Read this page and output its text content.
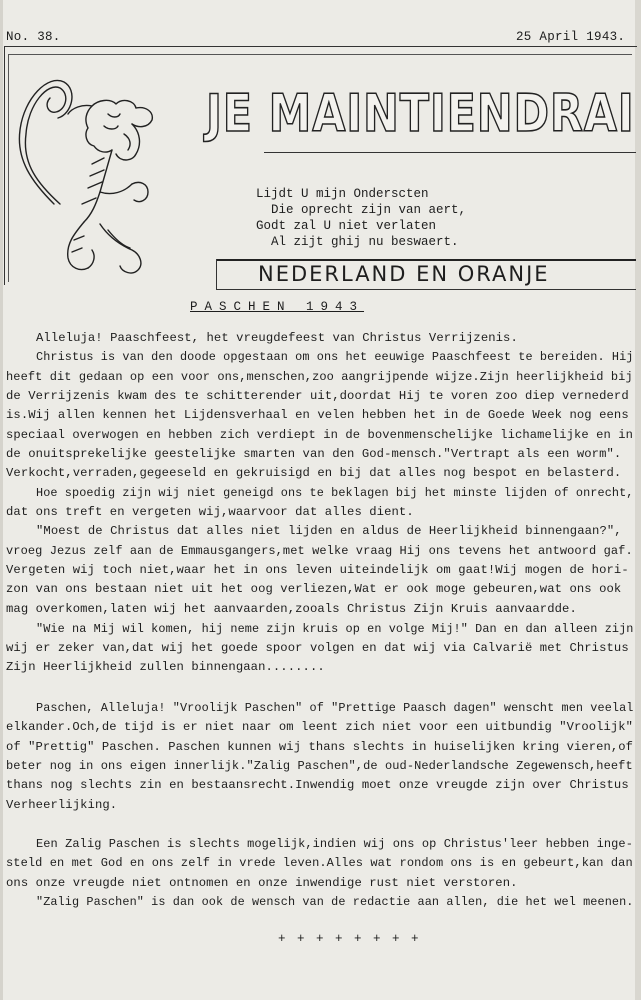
No. 38.	25 April 1943.
JE MAINTIENDRAI
Lijdt U mijn Onderscten
Die oprecht zijn van aert,
Godt zal U niet verlaten
Al zijt ghij nu beswaert.
NEDERLAND EN ORANJE
PASCHEN 1943
Alleluja! Paaschfeest, het vreugdefeest van Christus Verrijzenis.
Christus is van den doode opgestaan om ons het eeuwige Paaschfeest te bereiden. Hij
heeft dit gedaan op een voor ons,menschen,zoo aangrijpende wijze.Zijn heerlijkheid bij
de Verrijzenis kwam des te schitterender uit,doordat Hij te voren zoo diep vernederd
is.Wij allen kennen het Lijdensverhaal en velen hebben het in de Goede Week nog eens
speciaal overwogen en hebben zich verdiept in de bovenmenschelijke lichamelijke en in
de onuitsprekelijke geestelijke smarten van den God-mensch."Vertrapt als een worm".
Verkocht,verraden,gegeeseld en gekruisigd en bij dat alles nog bespot en belasterd.
Hoe spoedig zijn wij niet geneigd ons te beklagen bij het minste lijden of onrecht,
dat ons treft en vergeten wij,waarvoor dat alles dient.
"Moest de Christus dat alles niet lijden en aldus de Heerlijkheid binnengaan?",
vroeg Jezus zelf aan de Emmausgangers,met welke vraag Hij ons tevens het antwoord gaf.
Vergeten wij toch niet,waar het in ons leven uiteindelijk om gaat!Wij mogen de hori-
zon van ons bestaan niet uit het oog verliezen,Wat er ook moge gebeuren,wat ons ook
mag overkomen,laten wij het aanvaarden,zooals Christus Zijn Kruis aanvaardde.
"Wie na Mij wil komen, hij neme zijn kruis op en volge Mij!" Dan en dan alleen zijn
wij er zeker van,dat wij het goede spoor volgen en dat wij via Calvarië met Christus
Zijn Heerlijkheid zullen binnengaan........
Paschen, Alleluja! "Vroolijk Paschen" of "Prettige Paasch dagen" wenscht men veelal
elkander.Och,de tijd is er niet naar om leent zich niet voor een uitbundig "Vroolijk"
of "Prettig" Paschen. Paschen kunnen wij thans slechts in huiselijken kring vieren,of
beter nog in ons eigen innerlijk."Zalig Paschen",de oud-Nederlandsche Zegewensch,heeft
thans nog slechts zin en bestaansrecht.Inwendig moet onze vreugde zijn over Christus
Verheerlijking.
Een Zalig Paschen is slechts mogelijk,indien wij ons op Christus'leer hebben inge-
steld en met God en ons zelf in vrede leven.Alles wat rondom ons is en gebeurt,kan dan
ons onze vreugde niet ontnomen en onze inwendige rust niet verstoren.
"Zalig Paschen" is dan ook de wensch van de redactie aan allen, die het wel meenen.
+ + + + + + + +
